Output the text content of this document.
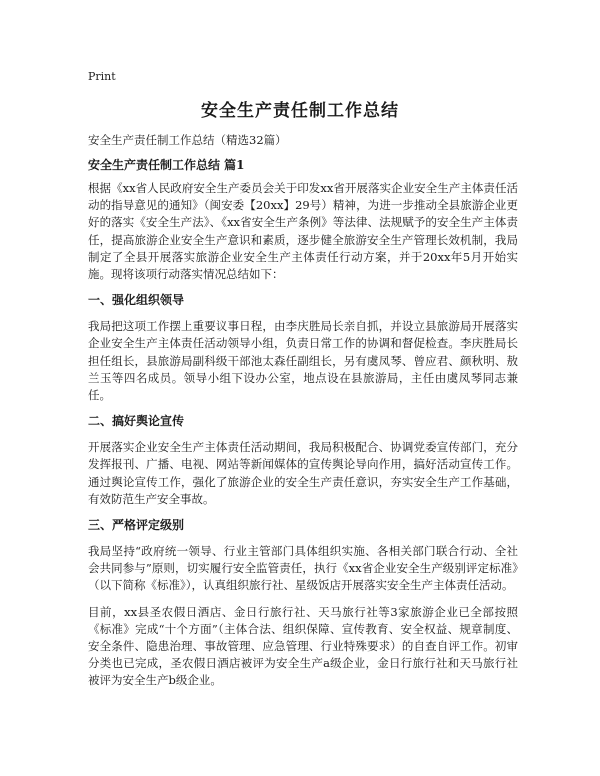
Print
安全生产责任制工作总结

安全生产责任制工作总结（精选32篇）

安全生产责任制工作总结 篇1

根据《xx省人民政府安全生产委员会关于印发xx省开展落实企业安全生产主体责任活动的指导意见的通知》（闽安委【20xx】29号）精神，为进一步推动全县旅游企业更好的落实《安全生产法》、《xx省安全生产条例》等法律、法规赋予的安全生产主体责任，提高旅游企业安全生产意识和素质，逐步健全旅游安全生产管理长效机制，我局制定了全县开展落实旅游企业安全生产主体责任行动方案，并于20xx年5月开始实施。现将该项行动落实情况总结如下：

一、强化组织领导

我局把这项工作摆上重要议事日程，由李庆胜局长亲自抓，并设立县旅游局开展落实企业安全生产主体责任活动领导小组，负责日常工作的协调和督促检查。李庆胜局长担任组长，县旅游局副科级干部池太森任副组长，另有虞凤琴、曾应君、颜秋明、敖兰玉等四名成员。领导小组下设办公室，地点设在县旅游局，主任由虞凤琴同志兼任。

二、搞好舆论宣传

开展落实企业安全生产主体责任活动期间，我局积极配合、协调党委宣传部门，充分发挥报刊、广播、电视、网站等新闻媒体的宣传舆论导向作用，搞好活动宣传工作。通过舆论宣传工作，强化了旅游企业的安全生产责任意识，夯实安全生产工作基础，有效防范生产安全事故。

三、严格评定级别

我局坚持“政府统一领导、行业主管部门具体组织实施、各相关部门联合行动、全社会共同参与”原则，切实履行安全监管责任，执行《xx省企业安全生产级别评定标准》（以下简称《标准》），认真组织旅行社、星级饭店开展落实安全生产主体责任活动。

目前，xx县圣农假日酒店、金日行旅行社、天马旅行社等3家旅游企业已全部按照《标准》完成“十个方面”（主体合法、组织保障、宣传教育、安全权益、规章制度、安全条件、隐患治理、事故管理、应急管理、行业特殊要求）的自查自评工作。初审分类也已完成，圣农假日酒店被评为安全生产a级企业，金日行旅行社和天马旅行社被评为安全生产b级企业。
